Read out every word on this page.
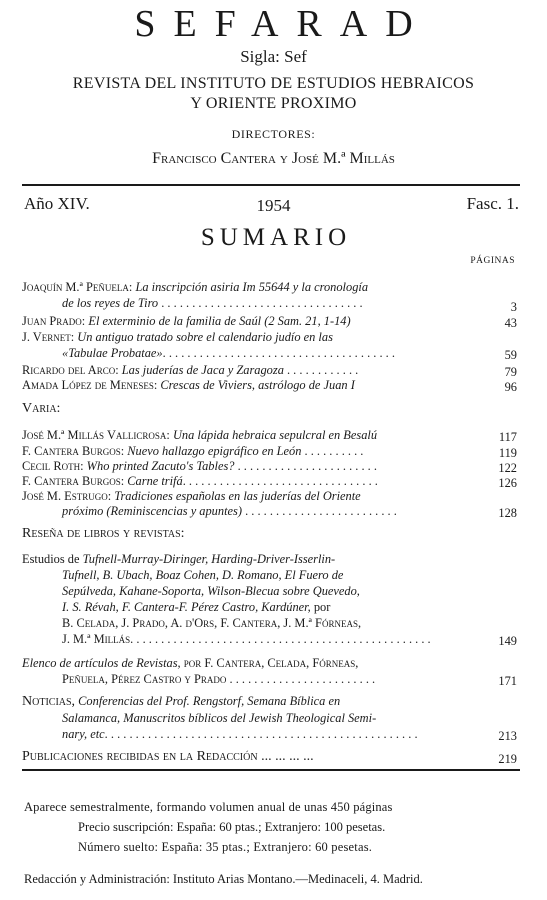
SEFARAD
Sigla: Sef
REVISTA DEL INSTITUTO DE ESTUDIOS HEBRAICOS
Y ORIENTE PROXIMO
DIRECTORES:
Francisco Cantera y José M.ª Millás
Año XIV.	1954	Fasc. 1.
SUMARIO
PÁGINAS
Joaquín M.ª Peñuela: La inscripción asiria Im 55644 y la cronología
de los reyes de Tiro . . . . . . . . . . . . . . . . . . . . . . . . . . . . . . . . .	3
Juan Prado: El exterminio de la familia de Saúl (2 Sam. 21, 1-14)	43
J. Vernet: Un antiguo tratado sobre el calendario judío en las
«Tabulae Probatae». . . . . . . . . . . . . . . . . . . . . . . . . . . . . . . . . . . . . .	59
Ricardo del Arco: Las juderías de Jaca y Zaragoza . . . . . . . . . . . .	79
Amada López de Meneses: Crescas de Viviers, astrólogo de Juan I	96
Varia:
José M.ª Millás Vallicrosa: Una lápida hebraica sepulcral en Besalú	117
F. Cantera Burgos: Nuevo hallazgo epigráfico en León . . . . . . . . . .	119
Cecil Roth: Who printed Zacuto's Tables? . . . . . . . . . . . . . . . . . . . . . . .	122
F. Cantera Burgos: Carne trifá. . . . . . . . . . . . . . . . . . . . . . . . . . . . . . . .	126
José M. Estrugo: Tradiciones españolas en las juderías del Oriente
próximo (Reminiscencias y apuntes) . . . . . . . . . . . . . . . . . . . . . . . . .	128
Reseña de libros y revistas:
Estudios de Tufnell-Murray-Diringer, Harding-Driver-Isserlin-
Tufnell, B. Ubach, Boaz Cohen, D. Romano, El Fuero de
Sepúlveda, Kahane-Soporta, Wilson-Blecua sobre Quevedo,
I. S. Révah, F. Cantera-F. Pérez Castro, Kardúner, por
B. Celada, J. Prado, A. d'Ors, F. Cantera, J. M.ª Fórneas,
J. M.ª Millás. . . . . . . . . . . . . . . . . . . . . . . . . . . . . . . . . . . . . . . . . . . . . . . . .	149
Elenco de artículos de Revistas, por F. Cantera, Celada, Fórneas,
Peñuela, Pérez Castro y Prado . . . . . . . . . . . . . . . . . . . . . . . .	171
Noticias, Conferencias del Prof. Rengstorf, Semana Bíblica en
Salamanca, Manuscritos bíblicos del Jewish Theological Semi-
nary, etc. . . . . . . . . . . . . . . . . . . . . . . . . . . . . . . . . . . . . . . . . . . . . . . . . . .	213
Publicaciones recibidas en la Redacción ... ... ... ...	219
Aparece semestralmente, formando volumen anual de unas 450 páginas
Precio suscripción: España: 60 ptas.; Extranjero: 100 pesetas.
Número suelto: España: 35 ptas.; Extranjero: 60 pesetas.
Redacción y Administración: Instituto Arias Montano.—Medinaceli, 4. Madrid.
